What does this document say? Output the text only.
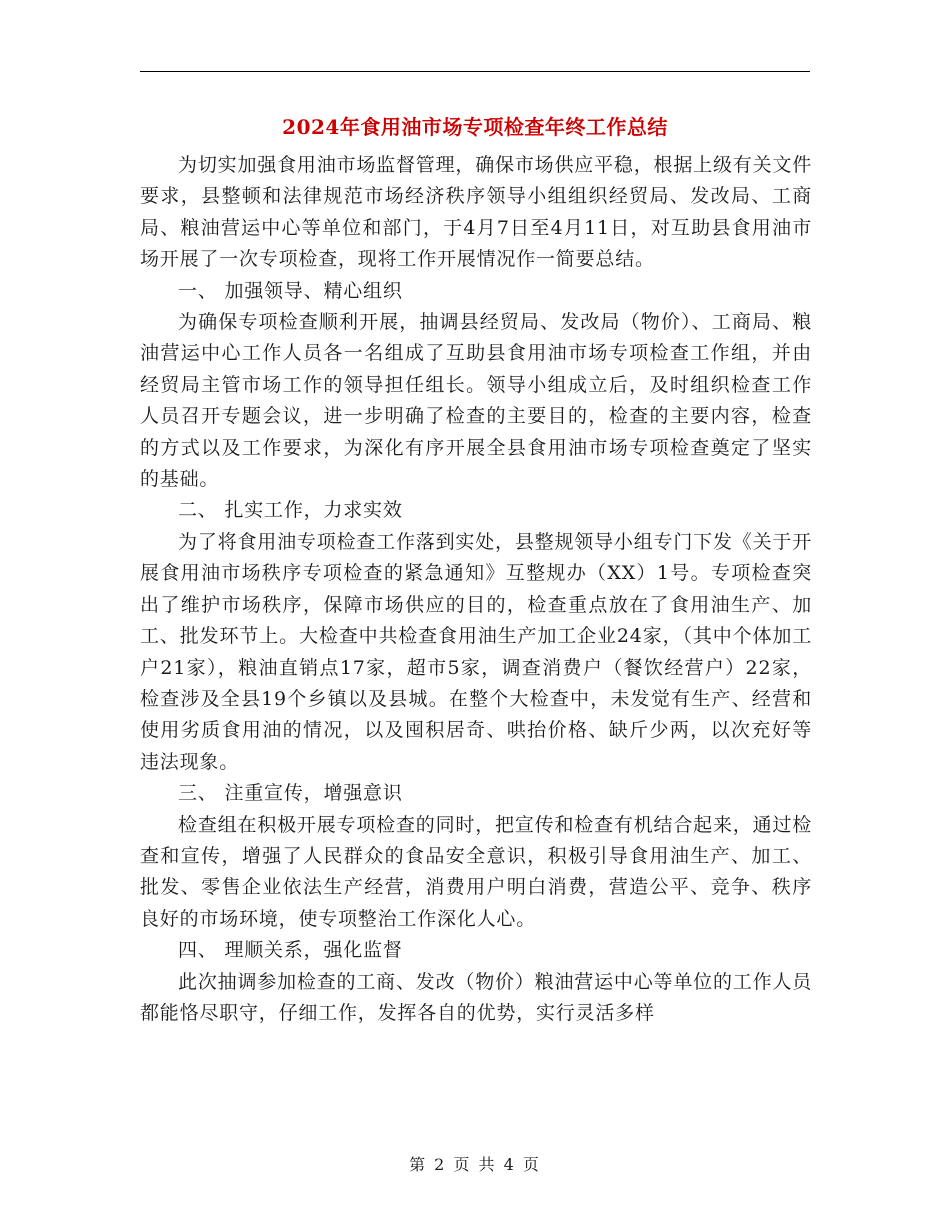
2024年食用油市场专项检查年终工作总结

为切实加强食用油市场监督管理，确保市场供应平稳，根据上级有关文件要求，县整顿和法律规范市场经济秩序领导小组组织经贸局、发改局、工商局、粮油营运中心等单位和部门，于4月7日至4月11日，对互助县食用油市场开展了一次专项检查，现将工作开展情况作一简要总结。

一、 加强领导、精心组织

为确保专项检查顺利开展，抽调县经贸局、发改局（物价）、工商局、粮油营运中心工作人员各一名组成了互助县食用油市场专项检查工作组，并由经贸局主管市场工作的领导担任组长。领导小组成立后，及时组织检查工作人员召开专题会议，进一步明确了检查的主要目的，检查的主要内容，检查的方式以及工作要求，为深化有序开展全县食用油市场专项检查奠定了坚实的基础。

二、 扎实工作，力求实效

为了将食用油专项检查工作落到实处，县整规领导小组专门下发《关于开展食用油市场秩序专项检查的紧急通知》互整规办（XX）1号。专项检查突出了维护市场秩序，保障市场供应的目的，检查重点放在了食用油生产、加工、批发环节上。大检查中共检查食用油生产加工企业24家，（其中个体加工户21家），粮油直销点17家，超市5家，调查消费户（餐饮经营户）22家，检查涉及全县19个乡镇以及县城。在整个大检查中，未发觉有生产、经营和使用劣质食用油的情况，以及囤积居奇、哄抬价格、缺斤少两，以次充好等违法现象。

三、 注重宣传，增强意识

检查组在积极开展专项检查的同时，把宣传和检查有机结合起来，通过检查和宣传，增强了人民群众的食品安全意识，积极引导食用油生产、加工、批发、零售企业依法生产经营，消费用户明白消费，营造公平、竞争、秩序良好的市场环境，使专项整治工作深化人心。

四、 理顺关系，强化监督

此次抽调参加检查的工商、发改（物价）粮油营运中心等单位的工作人员都能恪尽职守，仔细工作，发挥各自的优势，实行灵活多样

第 2 页 共 4 页
